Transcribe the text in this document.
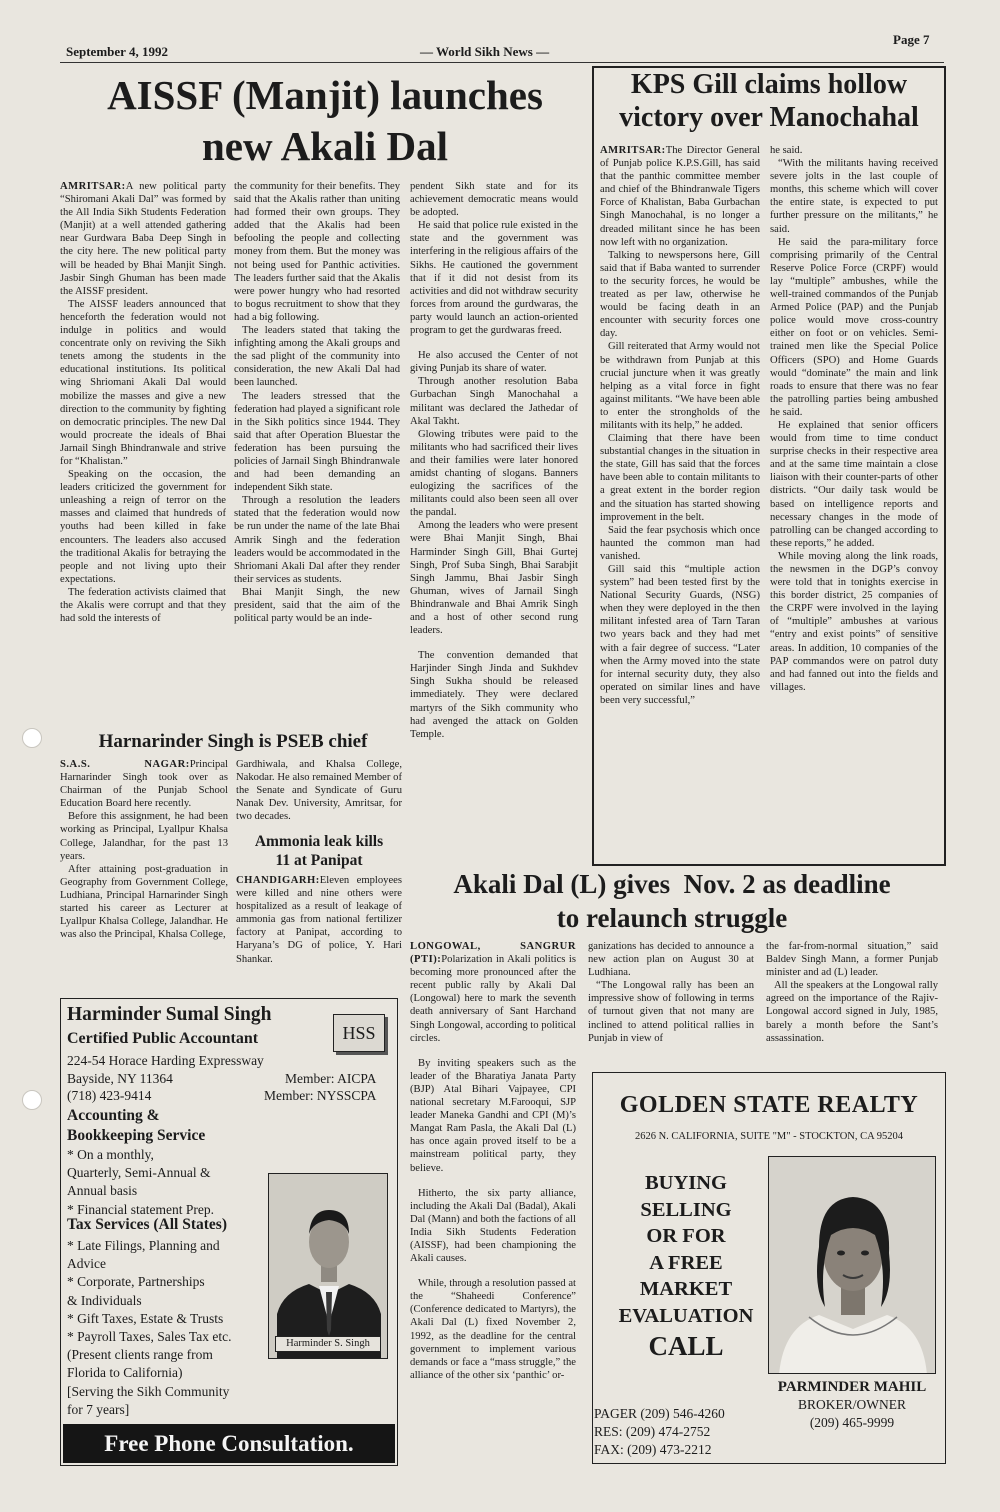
September 4, 1992	— World Sikh News —
Page 7
AISSF (Manjit) launches
new Akali Dal

AMRITSAR:A new political party “Shiromani Akali Dal” was formed by the All India Sikh Students Federation (Manjit) at a well attended gathering near Gurdwara Baba Deep Singh in the city here. The new political party will be headed by Bhai Manjit Singh. Jasbir Singh Ghuman has been made the AISSF president.

The AISSF leaders announced that henceforth the federation would not indulge in politics and would concentrate only on reviving the Sikh tenets among the students in the educational institutions. Its political wing Shriomani Akali Dal would mobilize the masses and give a new direction to the community by fighting on democratic principles. The new Dal would procreate the ideals of Bhai Jarnail Singh Bhindranwale and strive for “Khalistan.”

Speaking on the occasion, the leaders criticized the government for unleashing a reign of terror on the masses and claimed that hundreds of youths had been killed in fake encounters. The leaders also accused the traditional Akalis for betraying the people and not living upto their expectations.

The federation activists claimed that the Akalis were corrupt and that they had sold the interests of

the community for their benefits. They said that the Akalis rather than uniting had formed their own groups. They added that the Akalis had been befooling the people and collecting money from them. But the money was not being used for Panthic activities. The leaders further said that the Akalis were power hungry who had resorted to bogus recruitment to show that they had a big following.

The leaders stated that taking the infighting among the Akali groups and the sad plight of the community into consideration, the new Akali Dal had been launched.

The leaders stressed that the federation had played a significant role in the Sikh politics since 1944. They said that after Operation Bluestar the federation has been pursuing the policies of Jarnail Singh Bhindranwale and had been demanding an independent Sikh state.

Through a resolution the leaders stated that the federation would now be run under the name of the late Bhai Amrik Singh and the federation leaders would be accommodated in the Shriomani Akali Dal after they render their services as students.

Bhai Manjit Singh, the new president, said that the aim of the political party would be an inde-

pendent Sikh state and for its achievement democratic means would be adopted.

He said that police rule existed in the state and the government was interfering in the religious affairs of the Sikhs. He cautioned the government that if it did not desist from its activities and did not withdraw security forces from around the gurdwaras, the party would launch an action-oriented program to get the gurdwaras freed.

He also accused the Center of not giving Punjab its share of water.

Through another resolution Baba Gurbachan Singh Manochahal a militant was declared the Jathedar of Akal Takht.

Glowing tributes were paid to the militants who had sacrificed their lives and their families were later honored amidst chanting of slogans. Banners eulogizing the sacrifices of the militants could also been seen all over the pandal.

Among the leaders who were present were Bhai Manjit Singh, Bhai Harminder Singh Gill, Bhai Gurtej Singh, Prof Suba Singh, Bhai Sarabjit Singh Jammu, Bhai Jasbir Singh Ghuman, wives of Jarnail Singh Bhindranwale and Bhai Amrik Singh and a host of other second rung leaders.

The convention demanded that Harjinder Singh Jinda and Sukhdev Singh Sukha should be released immediately. They were declared martyrs of the Sikh community who had avenged the attack on Golden Temple.

KPS Gill claims hollow
victory over Manochahal

AMRITSAR:The Director General of Punjab police K.P.S.Gill, has said that the panthic committee member and chief of the Bhindranwale Tigers Force of Khalistan, Baba Gurbachan Singh Manochahal, is no longer a dreaded militant since he has been now left with no organization.

Talking to newspersons here, Gill said that if Baba wanted to surrender to the security forces, he would be treated as per law, otherwise he would be facing death in an encounter with security forces one day.

Gill reiterated that Army would not be withdrawn from Punjab at this crucial juncture when it was greatly helping as a vital force in fight against militants. “We have been able to enter the strongholds of the militants with its help,” he added.

Claiming that there have been substantial changes in the situation in the state, Gill has said that the forces have been able to contain militants to a great extent in the border region and the situation has started showing improvement in the belt.

Said the fear psychosis which once haunted the common man had vanished.

Gill said this “multiple action system” had been tested first by the National Security Guards, (NSG) when they were deployed in the then militant infested area of Tarn Taran two years back and they had met with a fair degree of success. “Later when the Army moved into the state for internal security duty, they also operated on similar lines and have been very successful,”

he said.

“With the militants having received severe jolts in the last couple of months, this scheme which will cover the entire state, is expected to put further pressure on the militants,” he said.

He said the para-military force comprising primarily of the Central Reserve Police Force (CRPF) would lay “multiple” ambushes, while the well-trained commandos of the Punjab Armed Police (PAP) and the Punjab police would move cross-country either on foot or on vehicles. Semi-trained men like the Special Police Officers (SPO) and Home Guards would “dominate” the main and link roads to ensure that there was no fear the patrolling parties being ambushed he said.

He explained that senior officers would from time to time conduct surprise checks in their respective area and at the same time maintain a close liaison with their counter-parts of other districts. “Our daily task would be based on intelligence reports and necessary changes in the mode of patrolling can be changed according to these reports,” he added.

While moving along the link roads, the newsmen in the DGP’s convoy were told that in tonights exercise in this border district, 25 companies of the CRPF were involved in the laying of “multiple” ambushes at various “entry and exist points” of sensitive areas. In addition, 10 companies of the PAP commandos were on patrol duty and had fanned out into the fields and villages.

Harnarinder Singh is PSEB chief

S.A.S. NAGAR:Principal Harnarinder Singh took over as Chairman of the Punjab School Education Board here recently.

Before this assignment, he had been working as Principal, Lyallpur Khalsa College, Jalandhar, for the past 13 years.

After attaining post-graduation in Geography from Government College, Ludhiana, Principal Harnarinder Singh started his career as Lecturer at Lyallpur Khalsa College, Jalandhar. He was also the Principal, Khalsa College,

Gardhiwala, and Khalsa College, Nakodar. He also remained Member of the Senate and Syndicate of Guru Nanak Dev. University, Amritsar, for two decades.

Ammonia leak kills
11 at Panipat

CHANDIGARH:Eleven employees were killed and nine others were hospitalized as a result of leakage of ammonia gas from national fertilizer factory at Panipat, according to Haryana’s DG of police, Y. Hari Shankar.

Akali Dal (L) gives  Nov. 2 as deadline
to relaunch struggle

LONGOWAL, SANGRUR (PTI):Polarization in Akali politics is becoming more pronounced after the recent public rally by Akali Dal (Longowal) here to mark the seventh death anniversary of Sant Harchand Singh Longowal, according to political circles.

By inviting speakers such as the leader of the Bharatiya Janata Party (BJP) Atal Bihari Vajpayee, CPI national secretary M.Farooqui, SJP leader Maneka Gandhi and CPI (M)’s Mangat Ram Pasla, the Akali Dal (L) has once again proved itself to be a mainstream political party, they believe.

Hitherto, the six party alliance, including the Akali Dal (Badal), Akali Dal (Mann) and both the factions of all India Sikh Students Federation (AISSF), had been championing the Akali causes.

While, through a resolution passed at the “Shaheedi Conference” (Conference dedicated to Martyrs), the Akali Dal (L) fixed November 2, 1992, as the deadline for the central government to implement various demands or face a “mass struggle,” the alliance of the other six ‘panthic’ or-

ganizations has decided to announce a new action plan on August 30 at Ludhiana.

“The Longowal rally has been an impressive show of following in terms of turnout given that not many are inclined to attend political rallies in Punjab in view of

the far-from-normal situation,” said Baldev Singh Mann, a former Punjab minister and ad (L) leader.

All the speakers at the Longowal rally agreed on the importance of the Rajiv-Longowal accord signed in July, 1985, barely a month before the Sant’s assassination.

Harminder Sumal Singh
Certified Public Accountant	HSS
224-54 Horace Harding Expressway
Bayside, NY 11364	Member: AICPA
(718) 423-9414	Member: NYSSCPA
Accounting &
Bookkeeping Service
* On a monthly,
Quarterly, Semi-Annual &
Annual basis
* Financial statement Prep.
Tax Services (All States)
* Late Filings, Planning and
Advice
* Corporate, Partnerships
& Individuals
* Gift Taxes, Estate & Trusts
* Payroll Taxes, Sales Tax etc.
(Present clients range from
Florida to California)
[Serving the Sikh Community
for 7 years]
Harminder S. Singh
Free Phone Consultation.
GOLDEN STATE REALTY
2626 N. CALIFORNIA, SUITE "M" - STOCKTON, CA 95204
BUYING
SELLING
OR FOR
A FREE
MARKET
EVALUATION
CALL
PAGER (209) 546-4260
RES: (209) 474-2752
FAX: (209) 473-2212
PARMINDER MAHIL
BROKER/OWNER
(209) 465-9999
